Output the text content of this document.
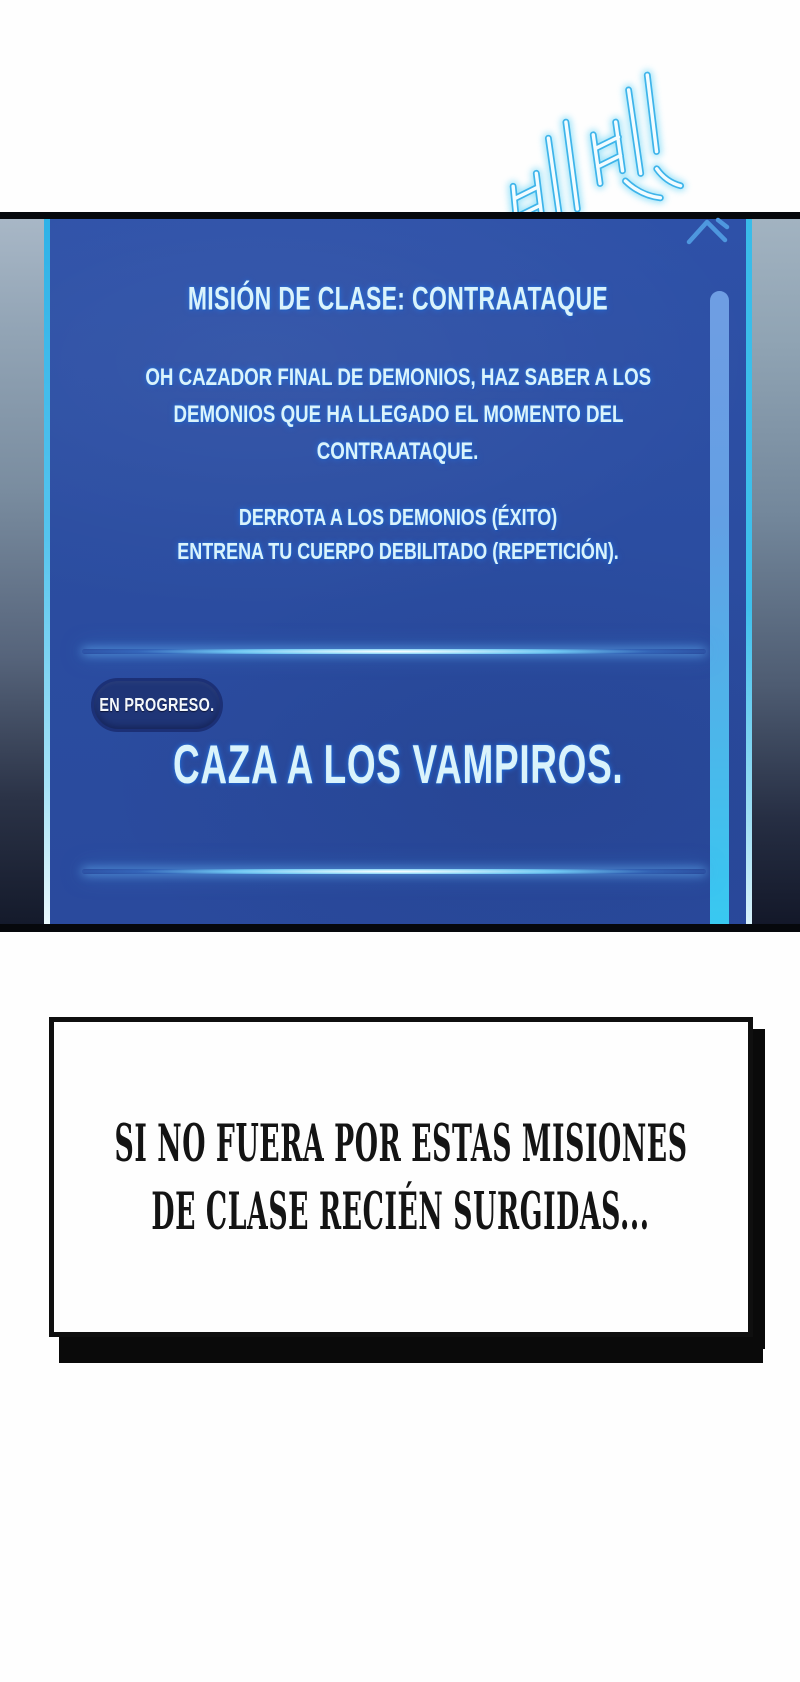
MISIÓN DE CLASE: CONTRAATAQUE
OH CAZADOR FINAL DE DEMONIOS, HAZ SABER A LOS
DEMONIOS QUE HA LLEGADO EL MOMENTO DEL
CONTRAATAQUE.
DERROTA A LOS DEMONIOS (ÉXITO)
ENTRENA TU CUERPO DEBILITADO (REPETICIÓN).
EN PROGRESO.
CAZA A LOS VAMPIROS.

SI NO FUERA POR ESTAS MISIONES

DE CLASE RECIÉN SURGIDAS...
